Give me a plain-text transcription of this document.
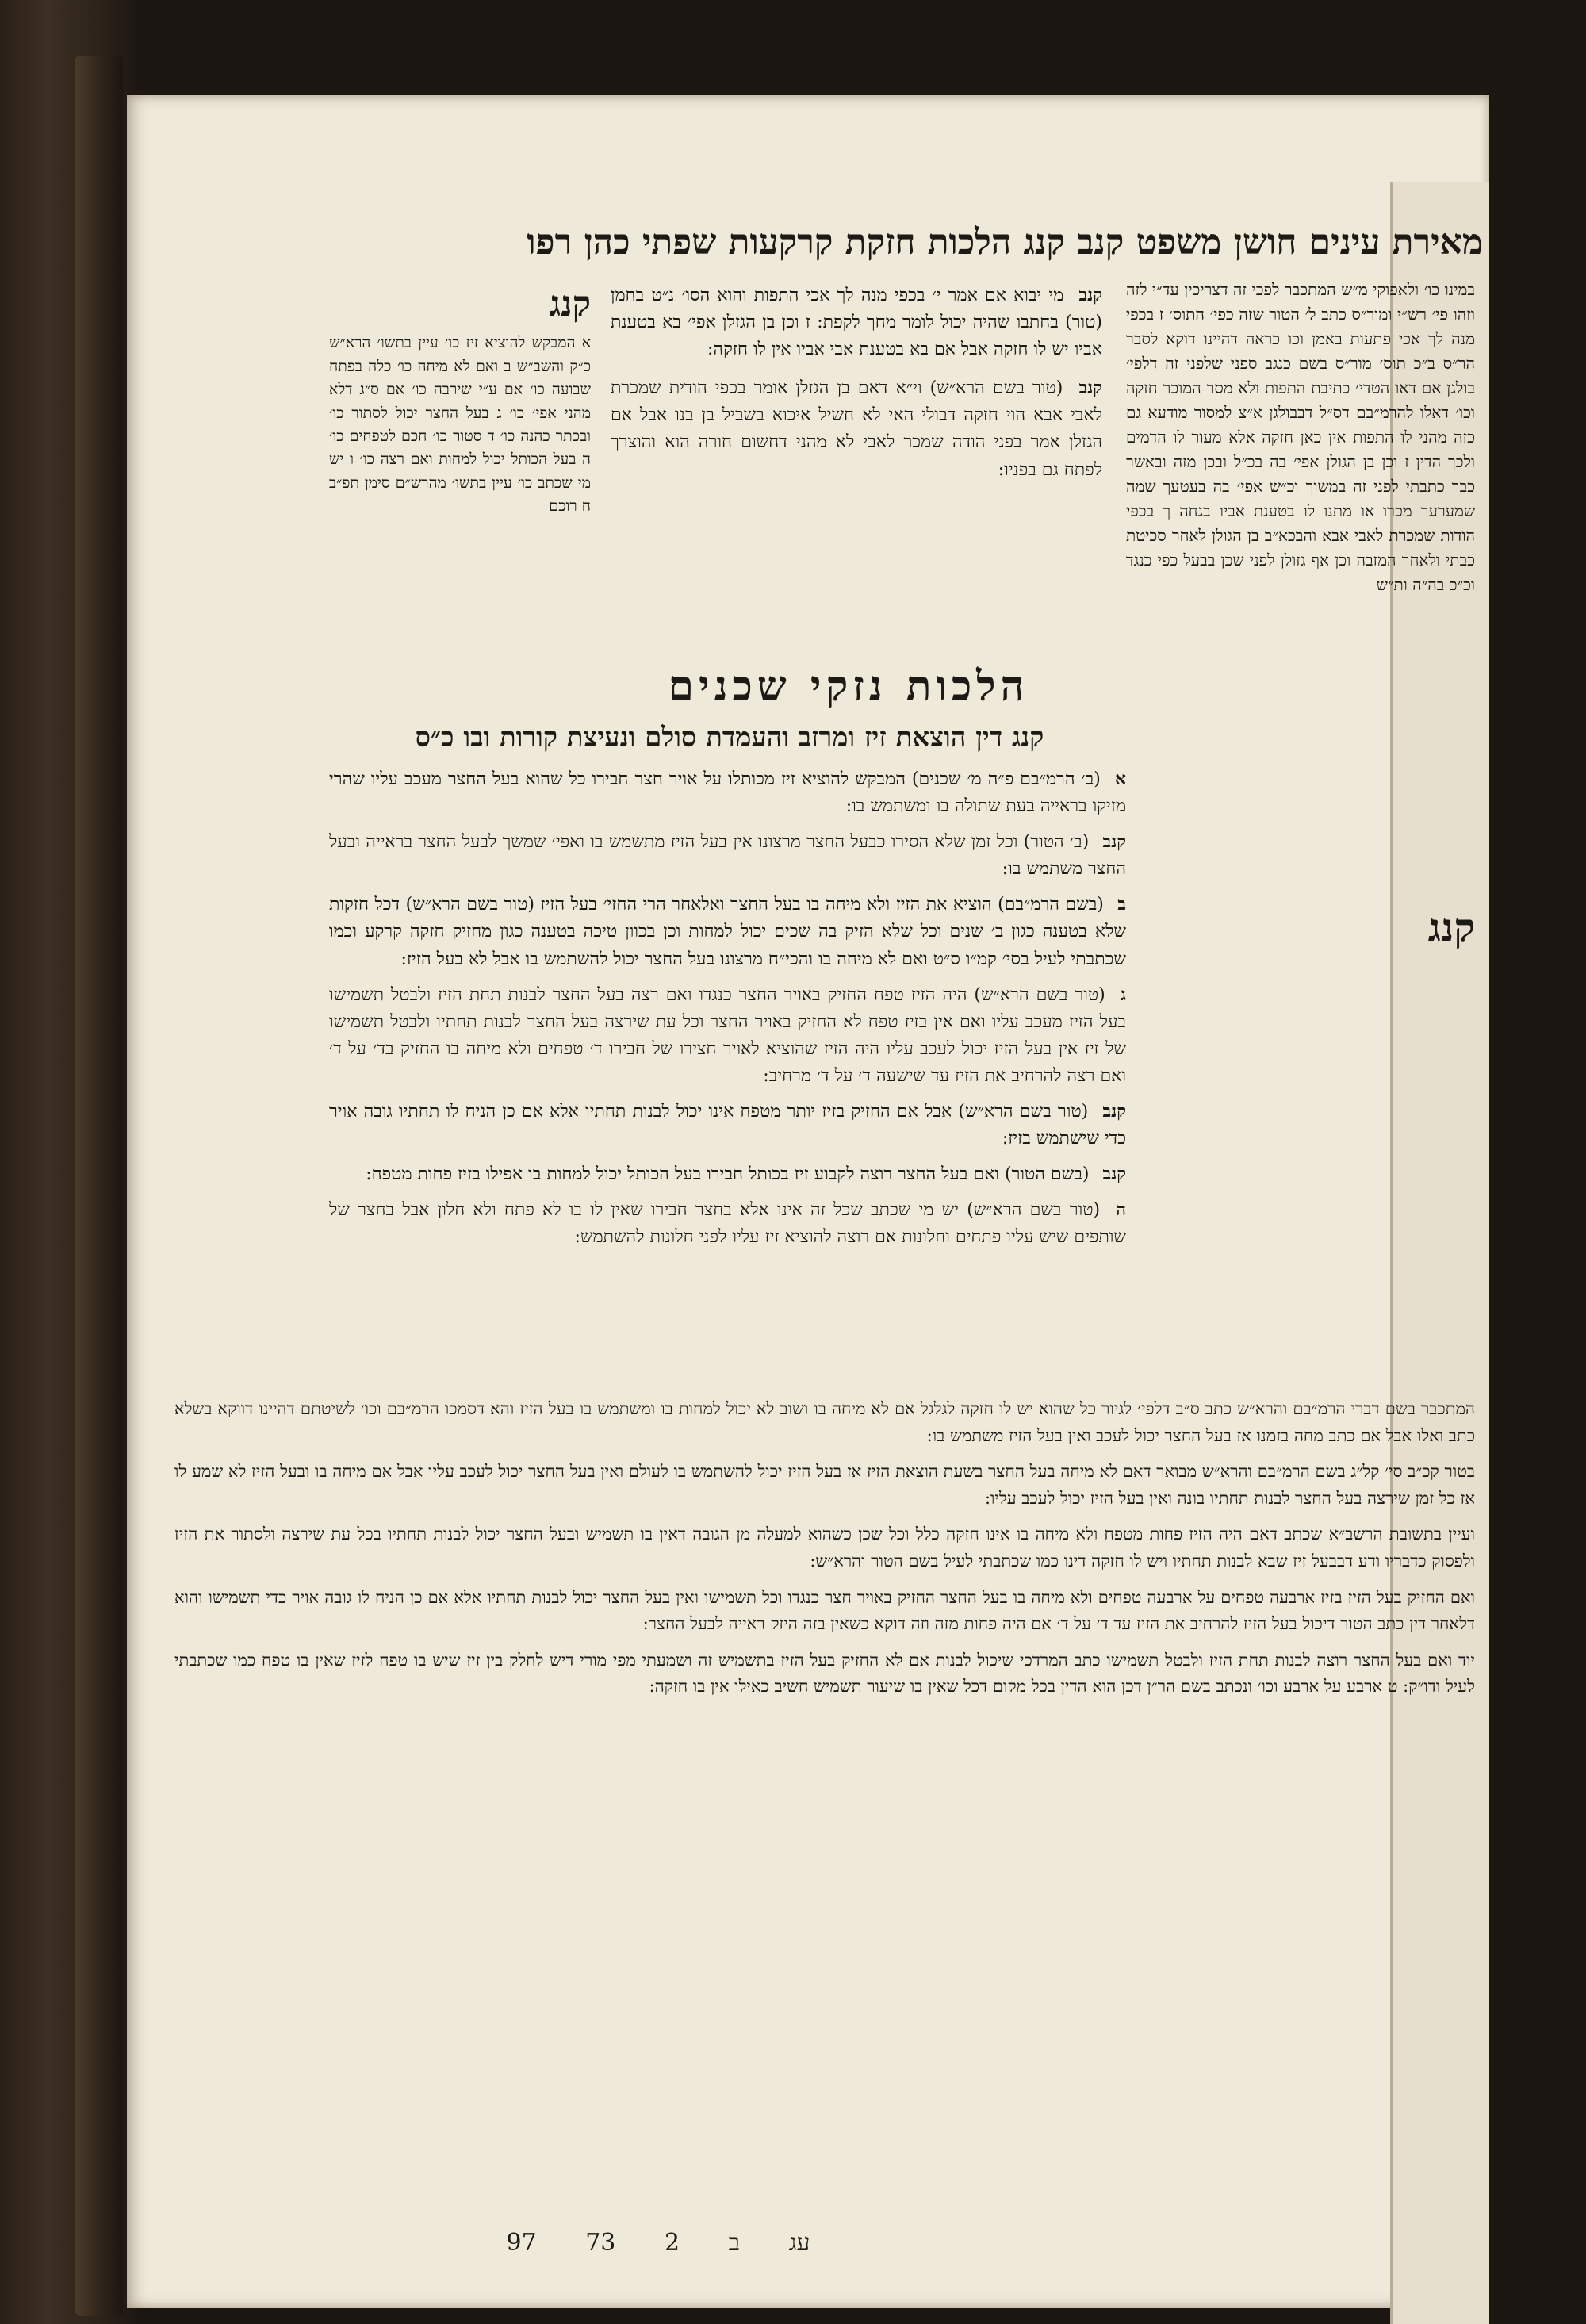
מאירת עינים חושן משפט קנב קנג הלכות חזקת קרקעות שפתי כהן רפו
במינו כו׳ ולאפוקי מ״ש המתכבר לפכי זה דצריכין עד״י לזה וזהו פי׳ רש״י ומור״ס כתב ל׳ הטור שזה כפי׳ התוס׳ ז בכפי מנה לך אכי פתעות באמן וכו כראה דהיינו דוקא לסבר הר״ס ב״כ תוס׳ מור״ס בשם כנגב ספני שלפני זה דלפי׳ בולגן אם דאו הטדי׳ כתיבת התפות ולא מסר המוכר חזקה וכו׳ דאלו להרמ״בם דס״ל דבבולגן א״צ למסור מודעא גם כזה מהני לו התפות אין כאן חזקה אלא מעור לו הדמים ולכך הדין ז וכן בן הגולן אפי׳ בה בכ״ל ובכן מזה ובאשר כבר כתבתי לפני זה במשוך וכ״ש אפי׳ בה בעטעך שמה שמערער מכרו או מתנו לו בטענת אביו בגחה ך בכפי הודות שמכרת לאבי אבא והבכא״ב בן הגולן לאחר סכיטת כבתי ולאחר המזבה וכן אף גזולן לפני שכן בבעל כפי כנגד וכ״כ בה״ה ות״ש
קנג
קנג
א המבקש להוציא זיז כו׳ עיין בתשו׳ הרא״ש כ״ק והשב״ש ב ואם לא מיחה כו׳ כלה בפתח שבועה כו׳ אם ע״י שירבה כו׳ אם ס״ג דלא מהני אפי׳ כו׳ ג בעל החצר יכול לסתור כו׳ ובכתר כהנה כו׳ ד סטור כו׳ חכם לטפחים כו׳ ה בעל הכותל יכול למחות ואם רצה כו׳ ו יש מי שכתב כו׳ עיין בתשו׳ מהרש״ם סימן תפ״ב ח רוכם

קנב מי יבוא אם אמר י׳ בכפי מנה לך אכי התפות והוא הסו׳ נ״ט בחמן (טור) בחתבו שהיה יכול לומר מחך לקפת: ז וכן בן הגזלן אפי׳ בא בטענת אביו יש לו חזקה אבל אם בא בטענת אבי אביו אין לו חזקה:

קנב (טור בשם הרא״ש) וי״א דאם בן הגזלן אומר בכפי הודית שמכרת לאבי אבא הוי חזקה דבולי האי לא חשיל איכוא בשביל בן בנו אבל אם הגזלן אמר בפני הודה שמכר לאבי לא מהני דחשום חורה הוא והוצרך לפתח גם בפניו:

הלכות נזקי שכנים
קנג דין הוצאת זיז ומרזב והעמדת סולם ונעיצת קורות ובו כ״ס

א (ב׳ הרמ״בם פ״ה מ׳ שכנים) המבקש להוציא זיז מכותלו על אויר חצר חבירו כל שהוא בעל החצר מעכב עליו שהרי מזיקו בראייה בעת שתולה בו ומשתמש בו:

קנב (ב׳ הטור) וכל זמן שלא הסירו כבעל החצר מרצונו אין בעל הזיז מתשמש בו ואפי׳ שמשך לבעל החצר בראייה ובעל החצר משתמש בו:

ב (בשם הרמ״בם) הוציא את הזיז ולא מיחה בו בעל החצר ואלאחר הרי החזי׳ בעל הזיז (טור בשם הרא״ש) דכל חזקות שלא בטענה כגון ב׳ שנים וכל שלא הזיק בה שכים יכול למחות וכן בכוון טיכה בטענה כגון מחזיק חזקה קרקע וכמו שכתבתי לעיל בסי׳ קמ״ו ס״ט ואם לא מיחה בו והכי״ח מרצונו בעל החצר יכול להשתמש בו אבל לא בעל הזיז:

ג (טור בשם הרא״ש) היה הזיז טפח החזיק באויר החצר כנגדו ואם רצה בעל החצר לבנות תחת הזיז ולבטל תשמישו בעל הזיז מעכב עליו ואם אין בזיז טפח לא החזיק באויר החצר וכל עת שירצה בעל החצר לבנות תחתיו ולבטל תשמישו של זיז אין בעל הזיז יכול לעכב עליו היה הזיז שהוציא לאויר חצירו של חבירו ד׳ טפחים ולא מיחה בו החזיק בד׳ על ד׳ ואם רצה להרחיב את הזיז עד שישעה ד׳ על ד׳ מרחיב:

קנב (טור בשם הרא״ש) אבל אם החזיק בזיז יותר מטפח אינו יכול לבנות תחתיו אלא אם כן הניח לו תחתיו גובה אויר כדי שישתמש בזיז:

קנב (בשם הטור) ואם בעל החצר רוצה לקבוע זיז בכותל חבירו בעל הכותל יכול למחות בו אפילו בזיז פחות מטפח:

ה (טור בשם הרא״ש) יש מי שכתב שכל זה אינו אלא בחצר חבירו שאין לו בו לא פתח ולא חלון אבל בחצר של שותפים שיש עליו פתחים וחלונות אם רוצה להוציא זיז עליו לפני חלונות להשתמש:

המתכבר בשם דברי הרמ״בם והרא״ש כתב ס״ב דלפי׳ לגיור כל שהוא יש לו חזקה לגלגל אם לא מיחה בו ושוב לא יכול למחות בו ומשתמש בו בעל הזיז והא דסמכו הרמ״בם וכו׳ לשיטתם דהיינו דווקא בשלא כתב ואלו אבל אם כתב מחה בזמנו אז בעל החצר יכול לעכב ואין בעל הזיז משתמש בו:

בטור קכ״ב סי׳ קל״ג בשם הרמ״בם והרא״ש מבואר דאם לא מיחה בעל החצר בשעת הוצאת הזיז אז בעל הזיז יכול להשתמש בו לעולם ואין בעל החצר יכול לעכב עליו אבל אם מיחה בו ובעל הזיז לא שמע לו אז כל זמן שירצה בעל החצר לבנות תחתיו בונה ואין בעל הזיז יכול לעכב עליו:

ועיין בתשובת הרשב״א שכתב דאם היה הזיז פחות מטפח ולא מיחה בו אינו חזקה כלל וכל שכן כשהוא למעלה מן הגובה דאין בו תשמיש ובעל החצר יכול לבנות תחתיו בכל עת שירצה ולסתור את הזיז ולפסוק כדבריו ודע דבבעל זיז שבא לבנות תחתיו ויש לו חזקה דינו כמו שכתבתי לעיל בשם הטור והרא״ש:

ואם החזיק בעל הזיז בזיז ארבעה טפחים על ארבעה טפחים ולא מיחה בו בעל החצר החזיק באויר חצר כנגדו וכל תשמישו ואין בעל החצר יכול לבנות תחתיו אלא אם כן הניח לו גובה אויר כדי תשמישו והוא דלאחר דין כתב הטור דיכול בעל הזיז להרחיב את הזיז עד ד׳ על ד׳ אם היה פחות מזה וזה דוקא כשאין בזה היזק ראייה לבעל החצר:

יוד ואם בעל החצר רוצה לבנות תחת הזיז ולבטל תשמישו כתב המרדכי שיכול לבנות אם לא החזיק בעל הזיז בתשמיש זה ושמעתי מפי מורי דיש לחלק בין זיז שיש בו טפח לזיז שאין בו טפח כמו שכתבתי לעיל ודו״ק: ט ארבע על ארבע וכו׳ ונכתב בשם הר״ן דכן הוא הדין בכל מקום דכל שאין בו שיעור תשמיש חשיב כאילו אין בו חזקה:

עג ב 2 73 97
